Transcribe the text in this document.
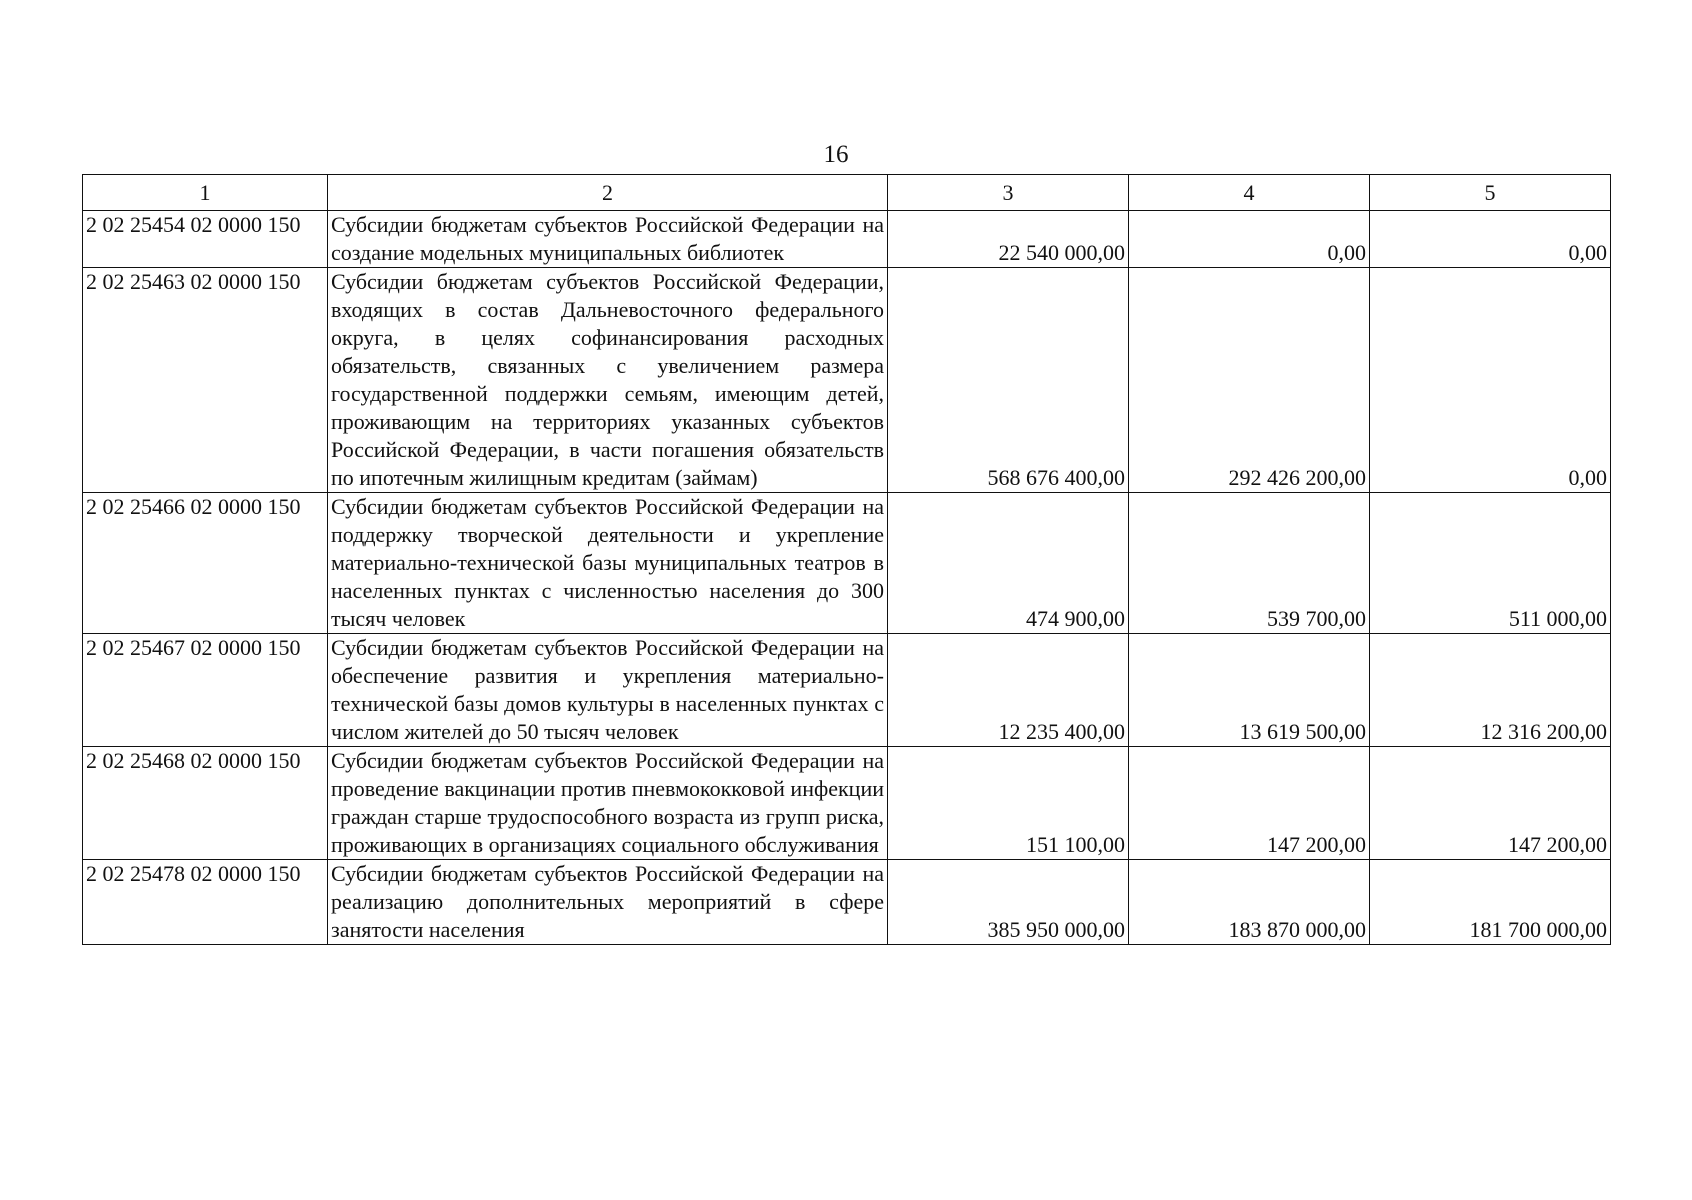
16
1	2	3	4	5
2 02 25454 02 0000 150	Субсидии бюджетам субъектов Российской Федерации на создание модельных муниципальных библиотек	22 540 000,00	0,00	0,00
2 02 25463 02 0000 150	Субсидии бюджетам субъектов Российской Федерации, входящих в состав Дальневосточного федерального округа, в целях софинансирования расходных обязательств, связанных с увеличением размера государственной поддержки семьям, имеющим детей, проживающим на территориях указанных субъектов Российской Федерации, в части погашения обязательств по ипотечным жилищным кредитам (займам)	568 676 400,00	292 426 200,00	0,00
2 02 25466 02 0000 150	Субсидии бюджетам субъектов Российской Федерации на поддержку творческой деятельности и укрепление материально-технической базы муниципальных театров в населенных пунктах с численностью населения до 300 тысяч человек	474 900,00	539 700,00	511 000,00
2 02 25467 02 0000 150	Субсидии бюджетам субъектов Российской Федерации на обеспечение развития и укрепления материально-технической базы домов культуры в населенных пунктах с числом жителей до 50 тысяч человек	12 235 400,00	13 619 500,00	12 316 200,00
2 02 25468 02 0000 150	Субсидии бюджетам субъектов Российской Федерации на проведение вакцинации против пневмококковой инфекции граждан старше трудоспособного возраста из групп риска, проживающих в организациях социального обслуживания	151 100,00	147 200,00	147 200,00
2 02 25478 02 0000 150	Субсидии бюджетам субъектов Российской Федерации на реализацию дополнительных мероприятий в сфере занятости населения	385 950 000,00	183 870 000,00	181 700 000,00
